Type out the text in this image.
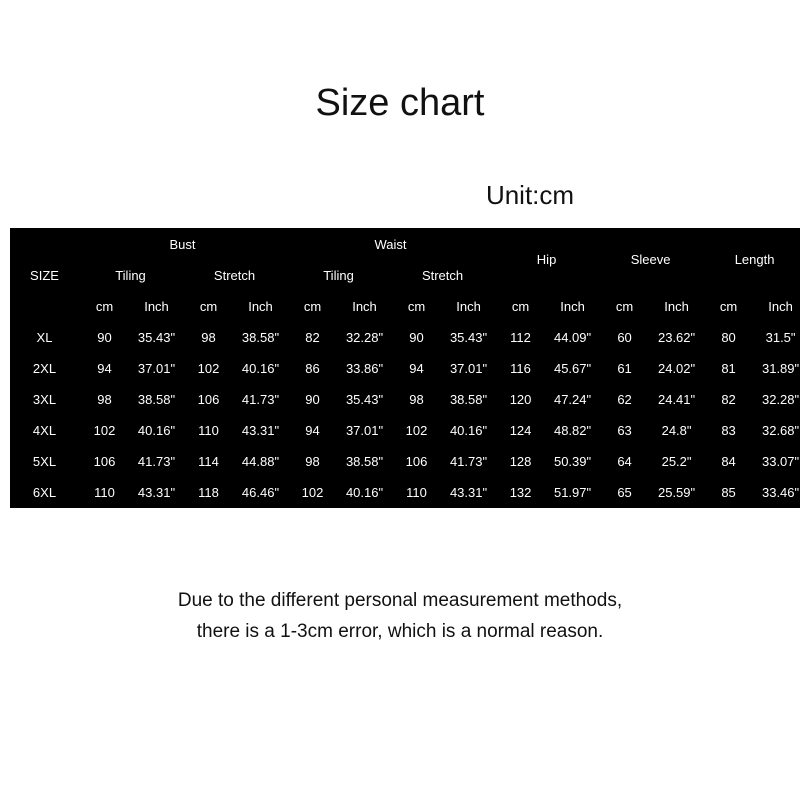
Size chart
Unit:cm
SIZE	Bust				Waist				Hip		Sleeve		Length	
	Tiling		Stretch		Tiling		Stretch							
	cm	Inch	cm	Inch	cm	Inch	cm	Inch	cm	Inch	cm	Inch	cm	Inch
XL	90	35.43"	98	38.58"	82	32.28"	90	35.43"	112	44.09"	60	23.62"	80	31.5"
2XL	94	37.01"	102	40.16"	86	33.86"	94	37.01"	116	45.67"	61	24.02"	81	31.89"
3XL	98	38.58"	106	41.73"	90	35.43"	98	38.58"	120	47.24"	62	24.41"	82	32.28"
4XL	102	40.16"	110	43.31"	94	37.01"	102	40.16"	124	48.82"	63	24.8"	83	32.68"
5XL	106	41.73"	114	44.88"	98	38.58"	106	41.73"	128	50.39"	64	25.2"	84	33.07"
6XL	110	43.31"	118	46.46"	102	40.16"	110	43.31"	132	51.97"	65	25.59"	85	33.46"
Due to the different personal measurement methods,
there is a 1-3cm error, which is a normal reason.
